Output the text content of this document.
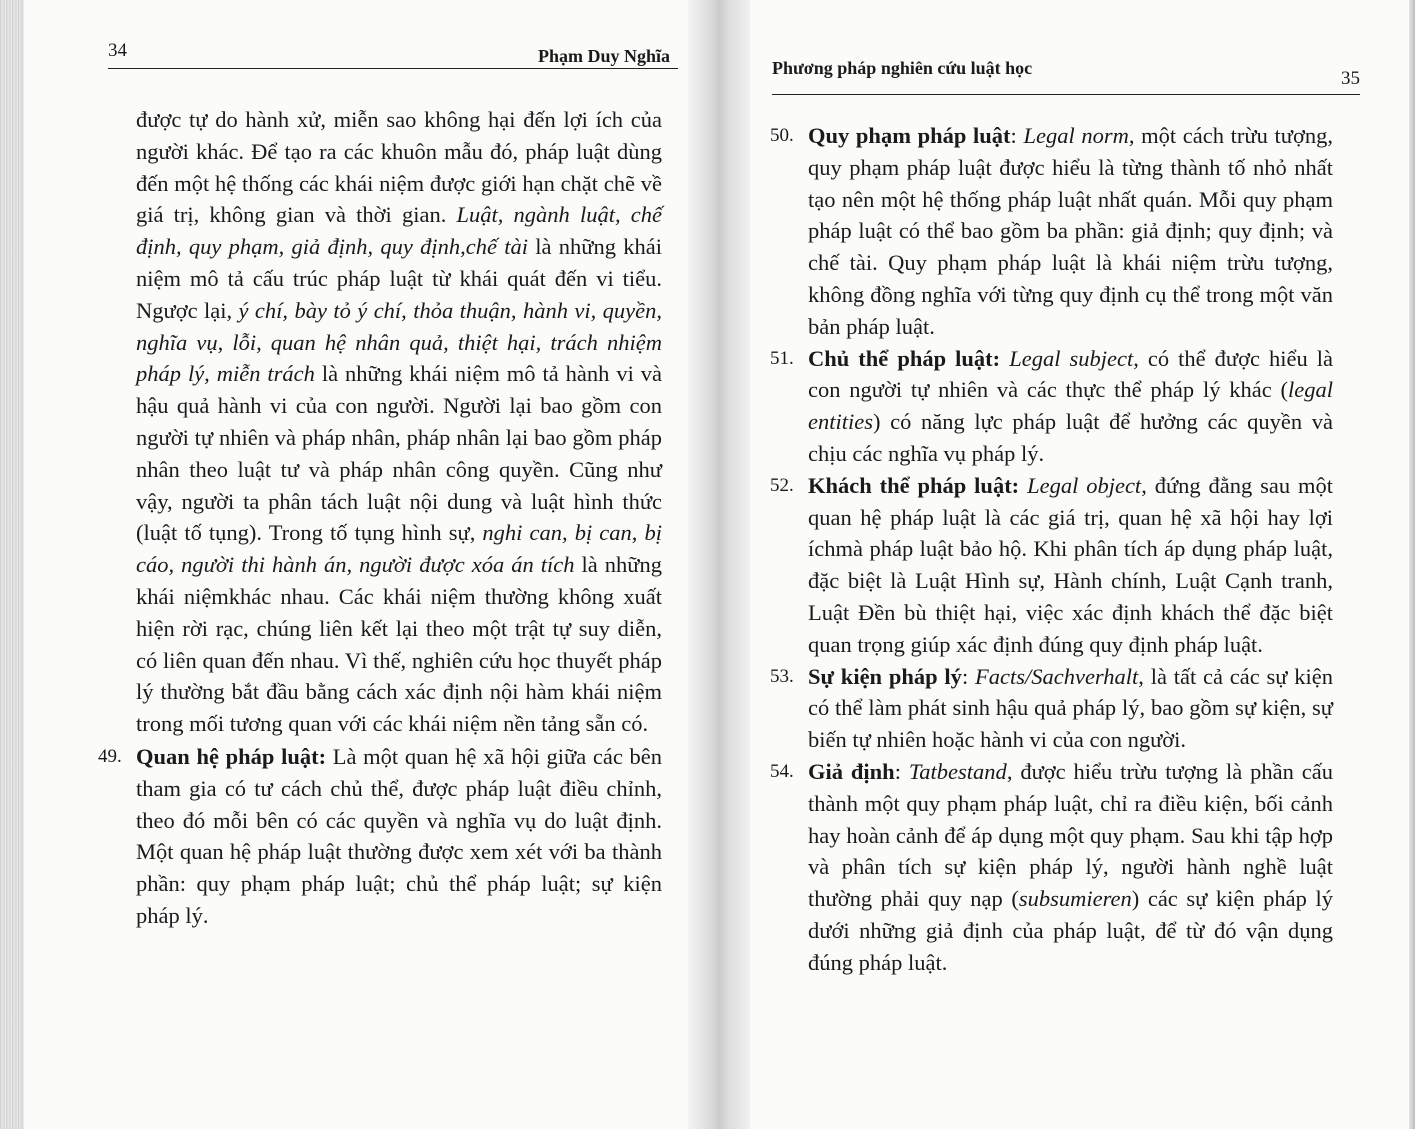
34	Phạm Duy Nghĩa

được tự do hành xử, miễn sao không hại đến lợi ích của người khác. Để tạo ra các khuôn mẫu đó, pháp luật dùng đến một hệ thống các khái niệm được giới hạn chặt chẽ về giá trị, không gian và thời gian. Luật, ngành luật, chế định, quy phạm, giả định, quy định,chế tài là những khái niệm mô tả cấu trúc pháp luật từ khái quát đến vi tiểu. Ngược lại, ý chí, bày tỏ ý chí, thỏa thuận, hành vi, quyền, nghĩa vụ, lỗi, quan hệ nhân quả, thiệt hại, trách nhiệm pháp lý, miễn trách là những khái niệm mô tả hành vi và hậu quả hành vi của con người. Người lại bao gồm con người tự nhiên và pháp nhân, pháp nhân lại bao gồm pháp nhân theo luật tư và pháp nhân công quyền. Cũng như vậy, người ta phân tách luật nội dung và luật hình thức (luật tố tụng). Trong tố tụng hình sự, nghi can, bị can, bị cáo, người thi hành án, người được xóa án tích là những khái niệmkhác nhau. Các khái niệm thường không xuất hiện rời rạc, chúng liên kết lại theo một trật tự suy diễn, có liên quan đến nhau. Vì thế, nghiên cứu học thuyết pháp lý thường bắt đầu bằng cách xác định nội hàm khái niệm trong mối tương quan với các khái niệm nền tảng sẵn có.

49. Quan hệ pháp luật: Là một quan hệ xã hội giữa các bên tham gia có tư cách chủ thể, được pháp luật điều chỉnh, theo đó mỗi bên có các quyền và nghĩa vụ do luật định. Một quan hệ pháp luật thường được xem xét với ba thành phần: quy phạm pháp luật; chủ thể pháp luật; sự kiện pháp lý.

Phương pháp nghiên cứu luật học	35
50. Quy phạm pháp luật: Legal norm, một cách trừu tượng, quy phạm pháp luật được hiểu là từng thành tố nhỏ nhất tạo nên một hệ thống pháp luật nhất quán. Mỗi quy phạm pháp luật có thể bao gồm ba phần: giả định; quy định; và chế tài. Quy phạm pháp luật là khái niệm trừu tượng, không đồng nghĩa với từng quy định cụ thể trong một văn bản pháp luật.

51. Chủ thể pháp luật: Legal subject, có thể được hiểu là con người tự nhiên và các thực thể pháp lý khác (legal entities) có năng lực pháp luật để hưởng các quyền và chịu các nghĩa vụ pháp lý.

52. Khách thể pháp luật: Legal object, đứng đằng sau một quan hệ pháp luật là các giá trị, quan hệ xã hội hay lợi íchmà pháp luật bảo hộ. Khi phân tích áp dụng pháp luật, đặc biệt là Luật Hình sự, Hành chính, Luật Cạnh tranh, Luật Đền bù thiệt hại, việc xác định khách thể đặc biệt quan trọng giúp xác định đúng quy định pháp luật.

53. Sự kiện pháp lý: Facts/Sachverhalt, là tất cả các sự kiện có thể làm phát sinh hậu quả pháp lý, bao gồm sự kiện, sự biến tự nhiên hoặc hành vi của con người.

54. Giả định: Tatbestand, được hiểu trừu tượng là phần cấu thành một quy phạm pháp luật, chỉ ra điều kiện, bối cảnh hay hoàn cảnh để áp dụng một quy phạm. Sau khi tập hợp và phân tích sự kiện pháp lý, người hành nghề luật thường phải quy nạp (subsumieren) các sự kiện pháp lý dưới những giả định của pháp luật, để từ đó vận dụng đúng pháp luật.
